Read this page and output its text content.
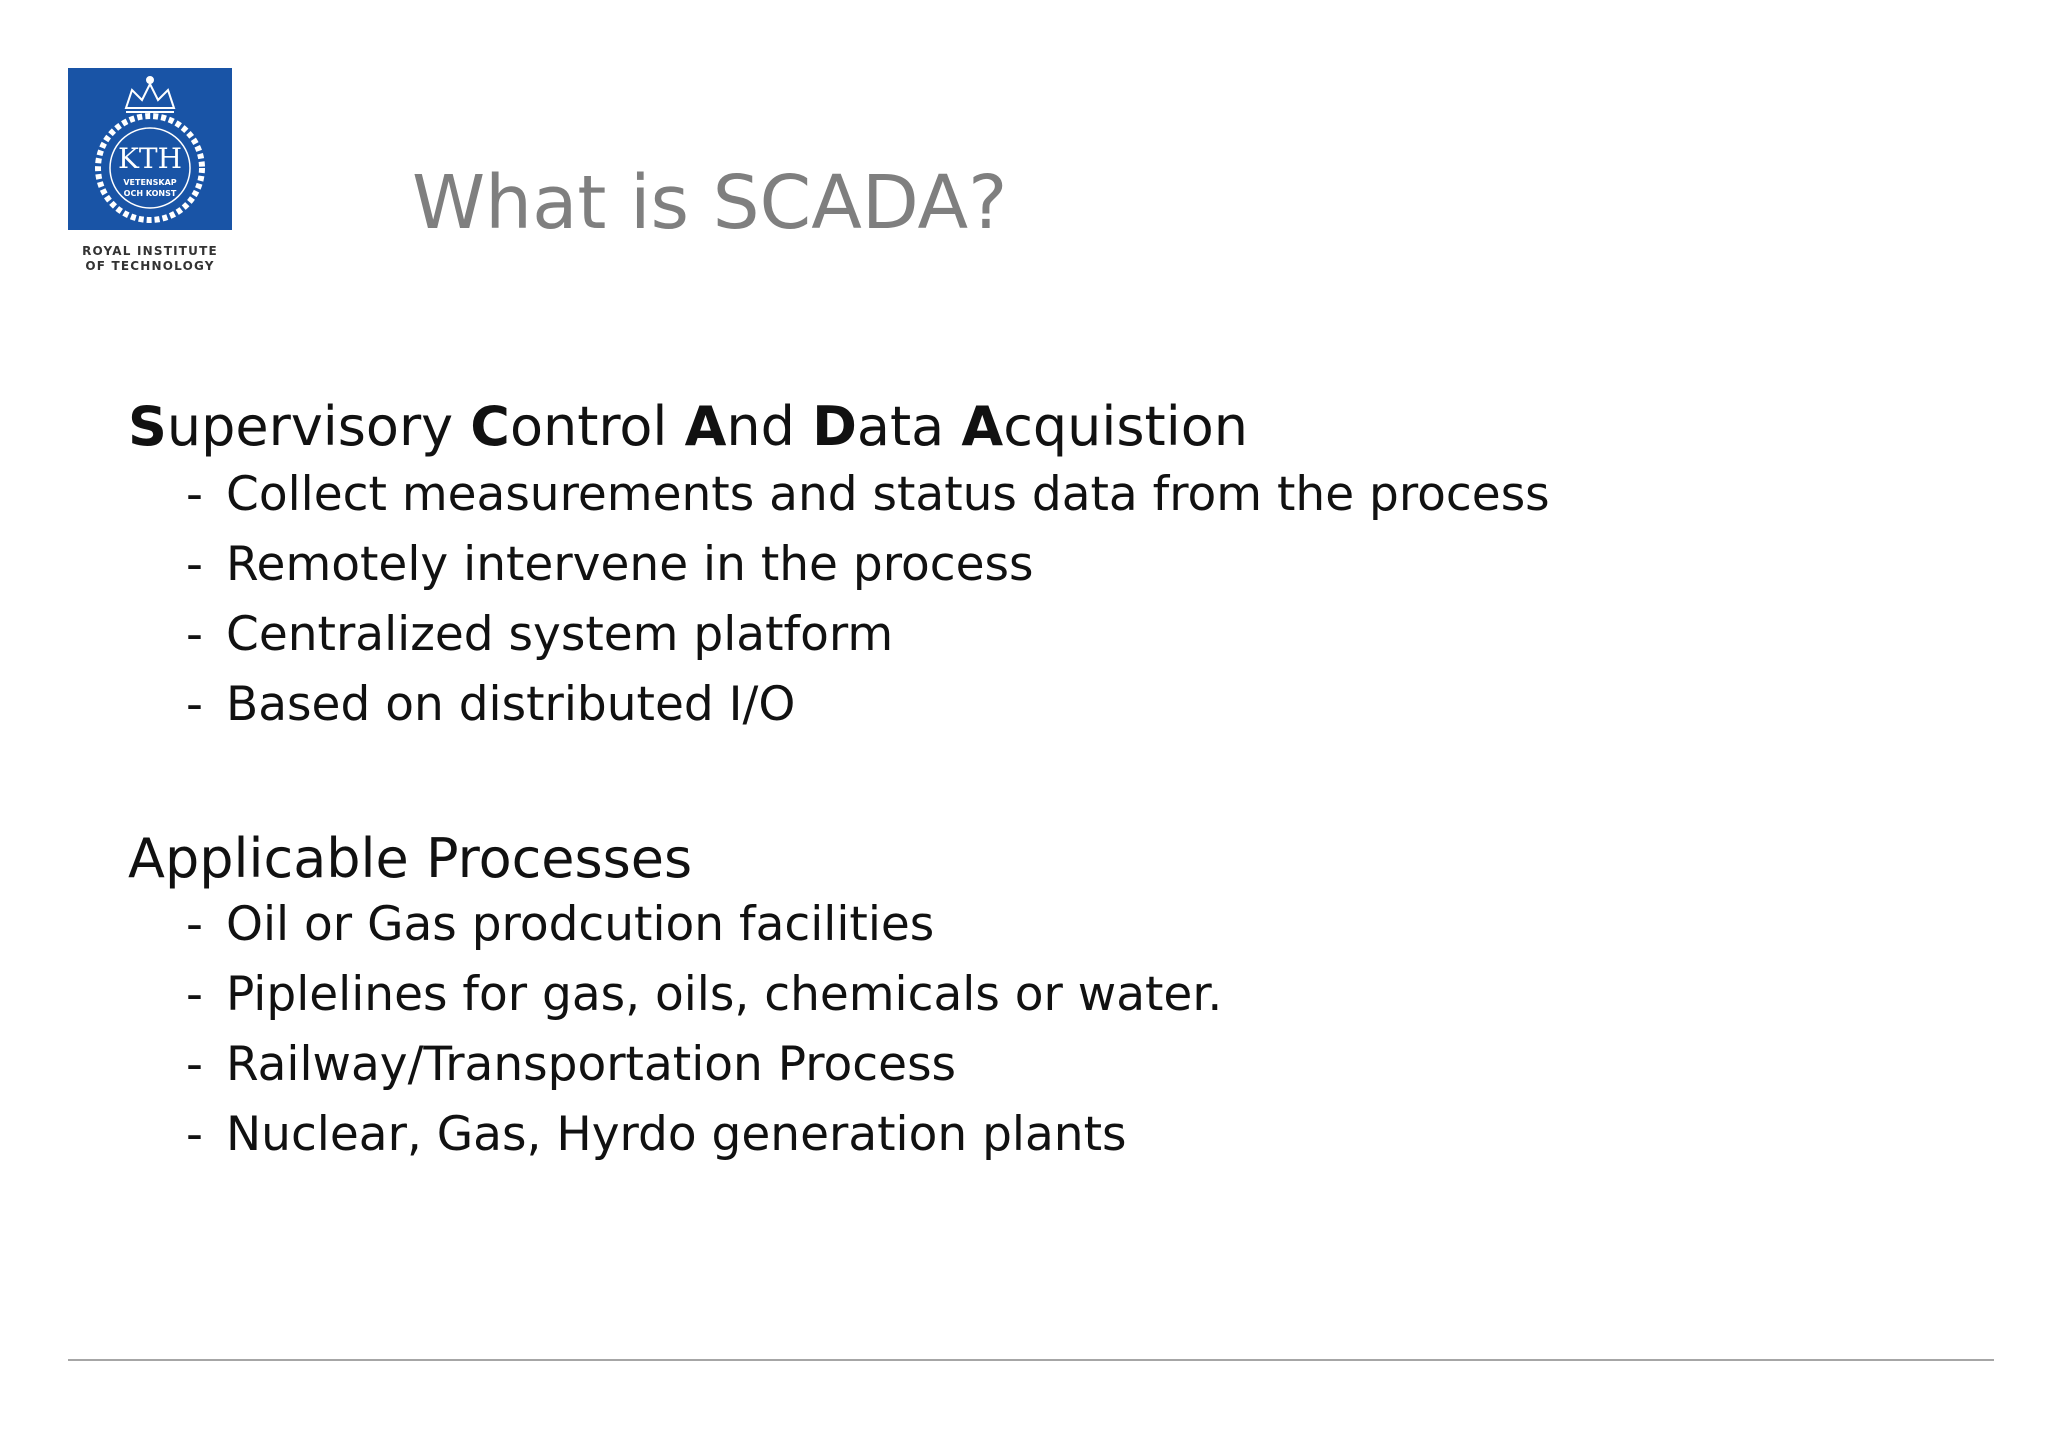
KTH
VETENSKAP
OCH KONST
ROYAL INSTITUTE
OF TECHNOLOGY
What is SCADA?
Supervisory Control And Data Acquistion
- Collect measurements and status data from the process
- Remotely intervene in the process
- Centralized system platform
- Based on distributed I/O
Applicable Processes
- Oil or Gas prodcution facilities
- Piplelines for gas, oils, chemicals or water.
- Railway/Transportation Process
- Nuclear, Gas, Hyrdo generation plants
